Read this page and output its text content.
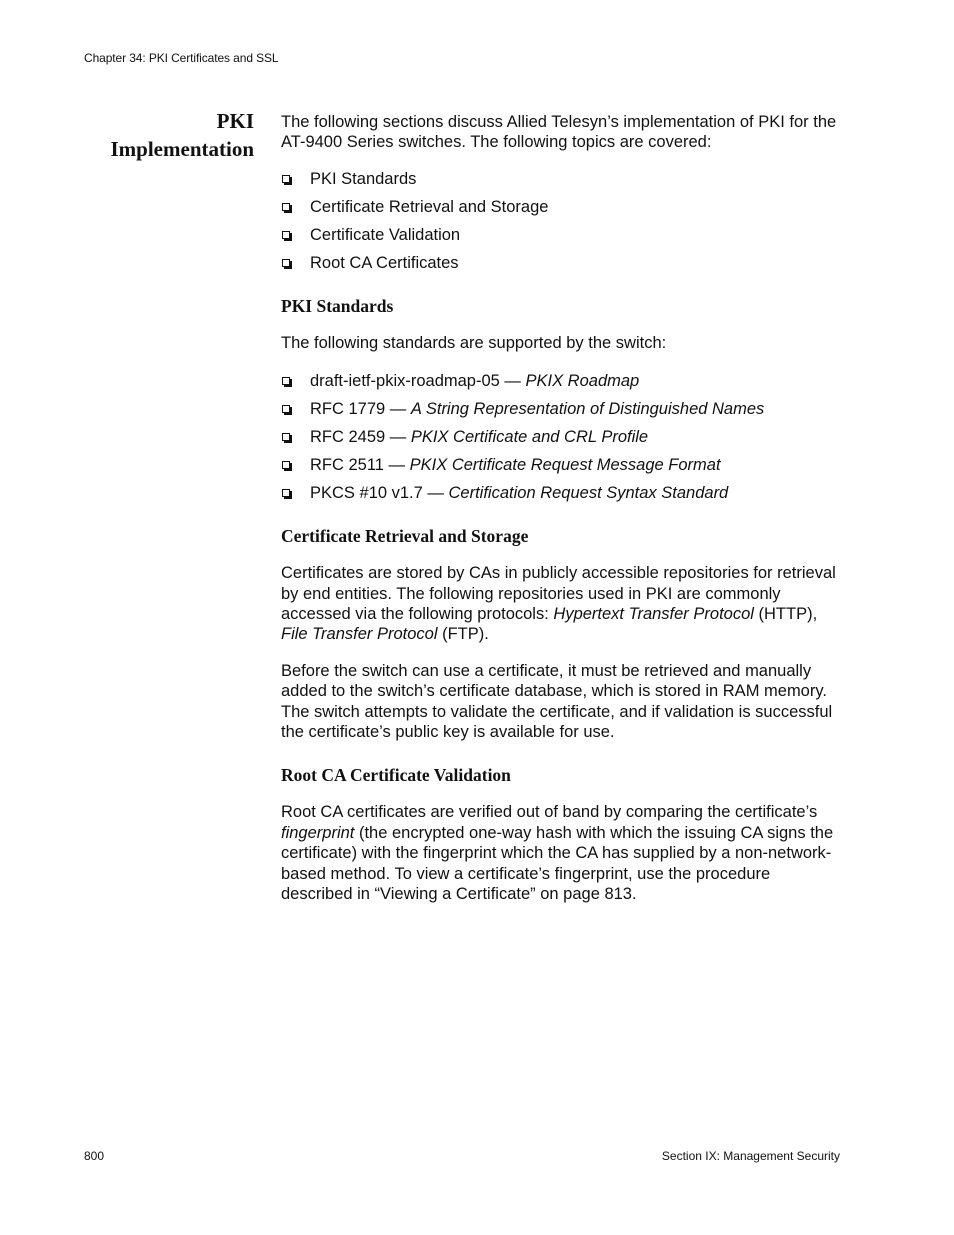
Chapter 34: PKI Certificates and SSL
PKI
Implementation

The following sections discuss Allied Telesyn’s implementation of PKI for the AT-9400 Series switches. The following topics are covered:

PKI Standards
Certificate Retrieval and Storage
Certificate Validation
Root CA Certificates
PKI Standards

The following standards are supported by the switch:

draft-ietf-pkix-roadmap-05 — PKIX Roadmap
RFC 1779 — A String Representation of Distinguished Names
RFC 2459 — PKIX Certificate and CRL Profile
RFC 2511 — PKIX Certificate Request Message Format
PKCS #10 v1.7 — Certification Request Syntax Standard
Certificate Retrieval and Storage

Certificates are stored by CAs in publicly accessible repositories for retrieval by end entities. The following repositories used in PKI are commonly accessed via the following protocols: Hypertext Transfer Protocol (HTTP), File Transfer Protocol (FTP).

Before the switch can use a certificate, it must be retrieved and manually added to the switch’s certificate database, which is stored in RAM memory. The switch attempts to validate the certificate, and if validation is successful the certificate’s public key is available for use.

Root CA Certificate Validation

Root CA certificates are verified out of band by comparing the certificate’s fingerprint (the encrypted one-way hash with which the issuing CA signs the certificate) with the fingerprint which the CA has supplied by a non-network-based method. To view a certificate’s fingerprint, use the procedure described in “Viewing a Certificate” on page 813.

800	Section IX: Management Security
